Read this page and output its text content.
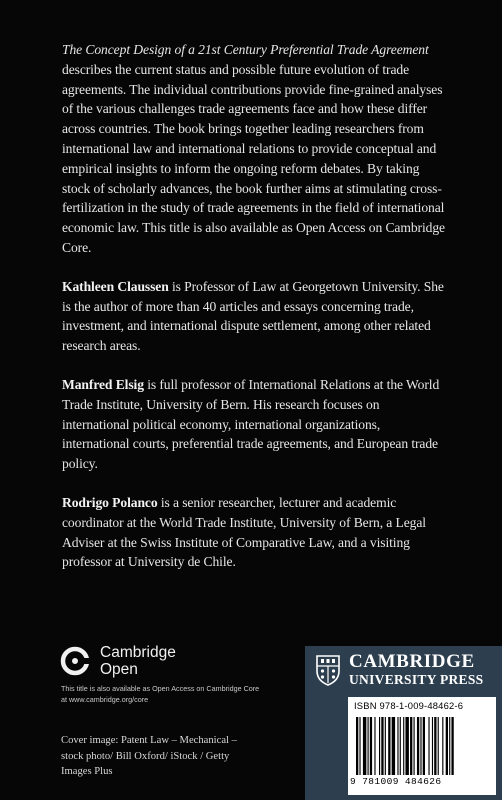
The Concept Design of a 21st Century Preferential Trade Agreement
describes the current status and possible future evolution of trade agreements. The individual contributions provide fine-grained analyses of the various challenges trade agreements face and how these differ across countries. The book brings together leading researchers from international law and international relations to provide conceptual and empirical insights to inform the ongoing reform debates. By taking stock of scholarly advances, the book further aims at stimulating cross-fertilization in the study of trade agreements in the field of international economic law. This title is also available as Open Access on Cambridge Core.

Kathleen Claussen is Professor of Law at Georgetown University. She is the author of more than 40 articles and essays concerning trade, investment, and international dispute settlement, among other related research areas.

Manfred Elsig is full professor of International Relations at the World Trade Institute, University of Bern. His research focuses on international political economy, international organizations, international courts, preferential trade agreements, and European trade policy.

Rodrigo Polanco is a senior researcher, lecturer and academic coordinator at the World Trade Institute, University of Bern, a Legal Adviser at the Swiss Institute of Comparative Law, and a visiting professor at University de Chile.

Cambridge
Open
This title is also available as Open Access on Cambridge Core at www.cambridge.org/core
Cover image: Patent Law – Mechanical – stock photo/ Bill Oxford/ iStock / Getty Images Plus
CAMBRIDGE
UNIVERSITY PRESS
ISBN 978-1-009-48462-6
9 781009 484626
